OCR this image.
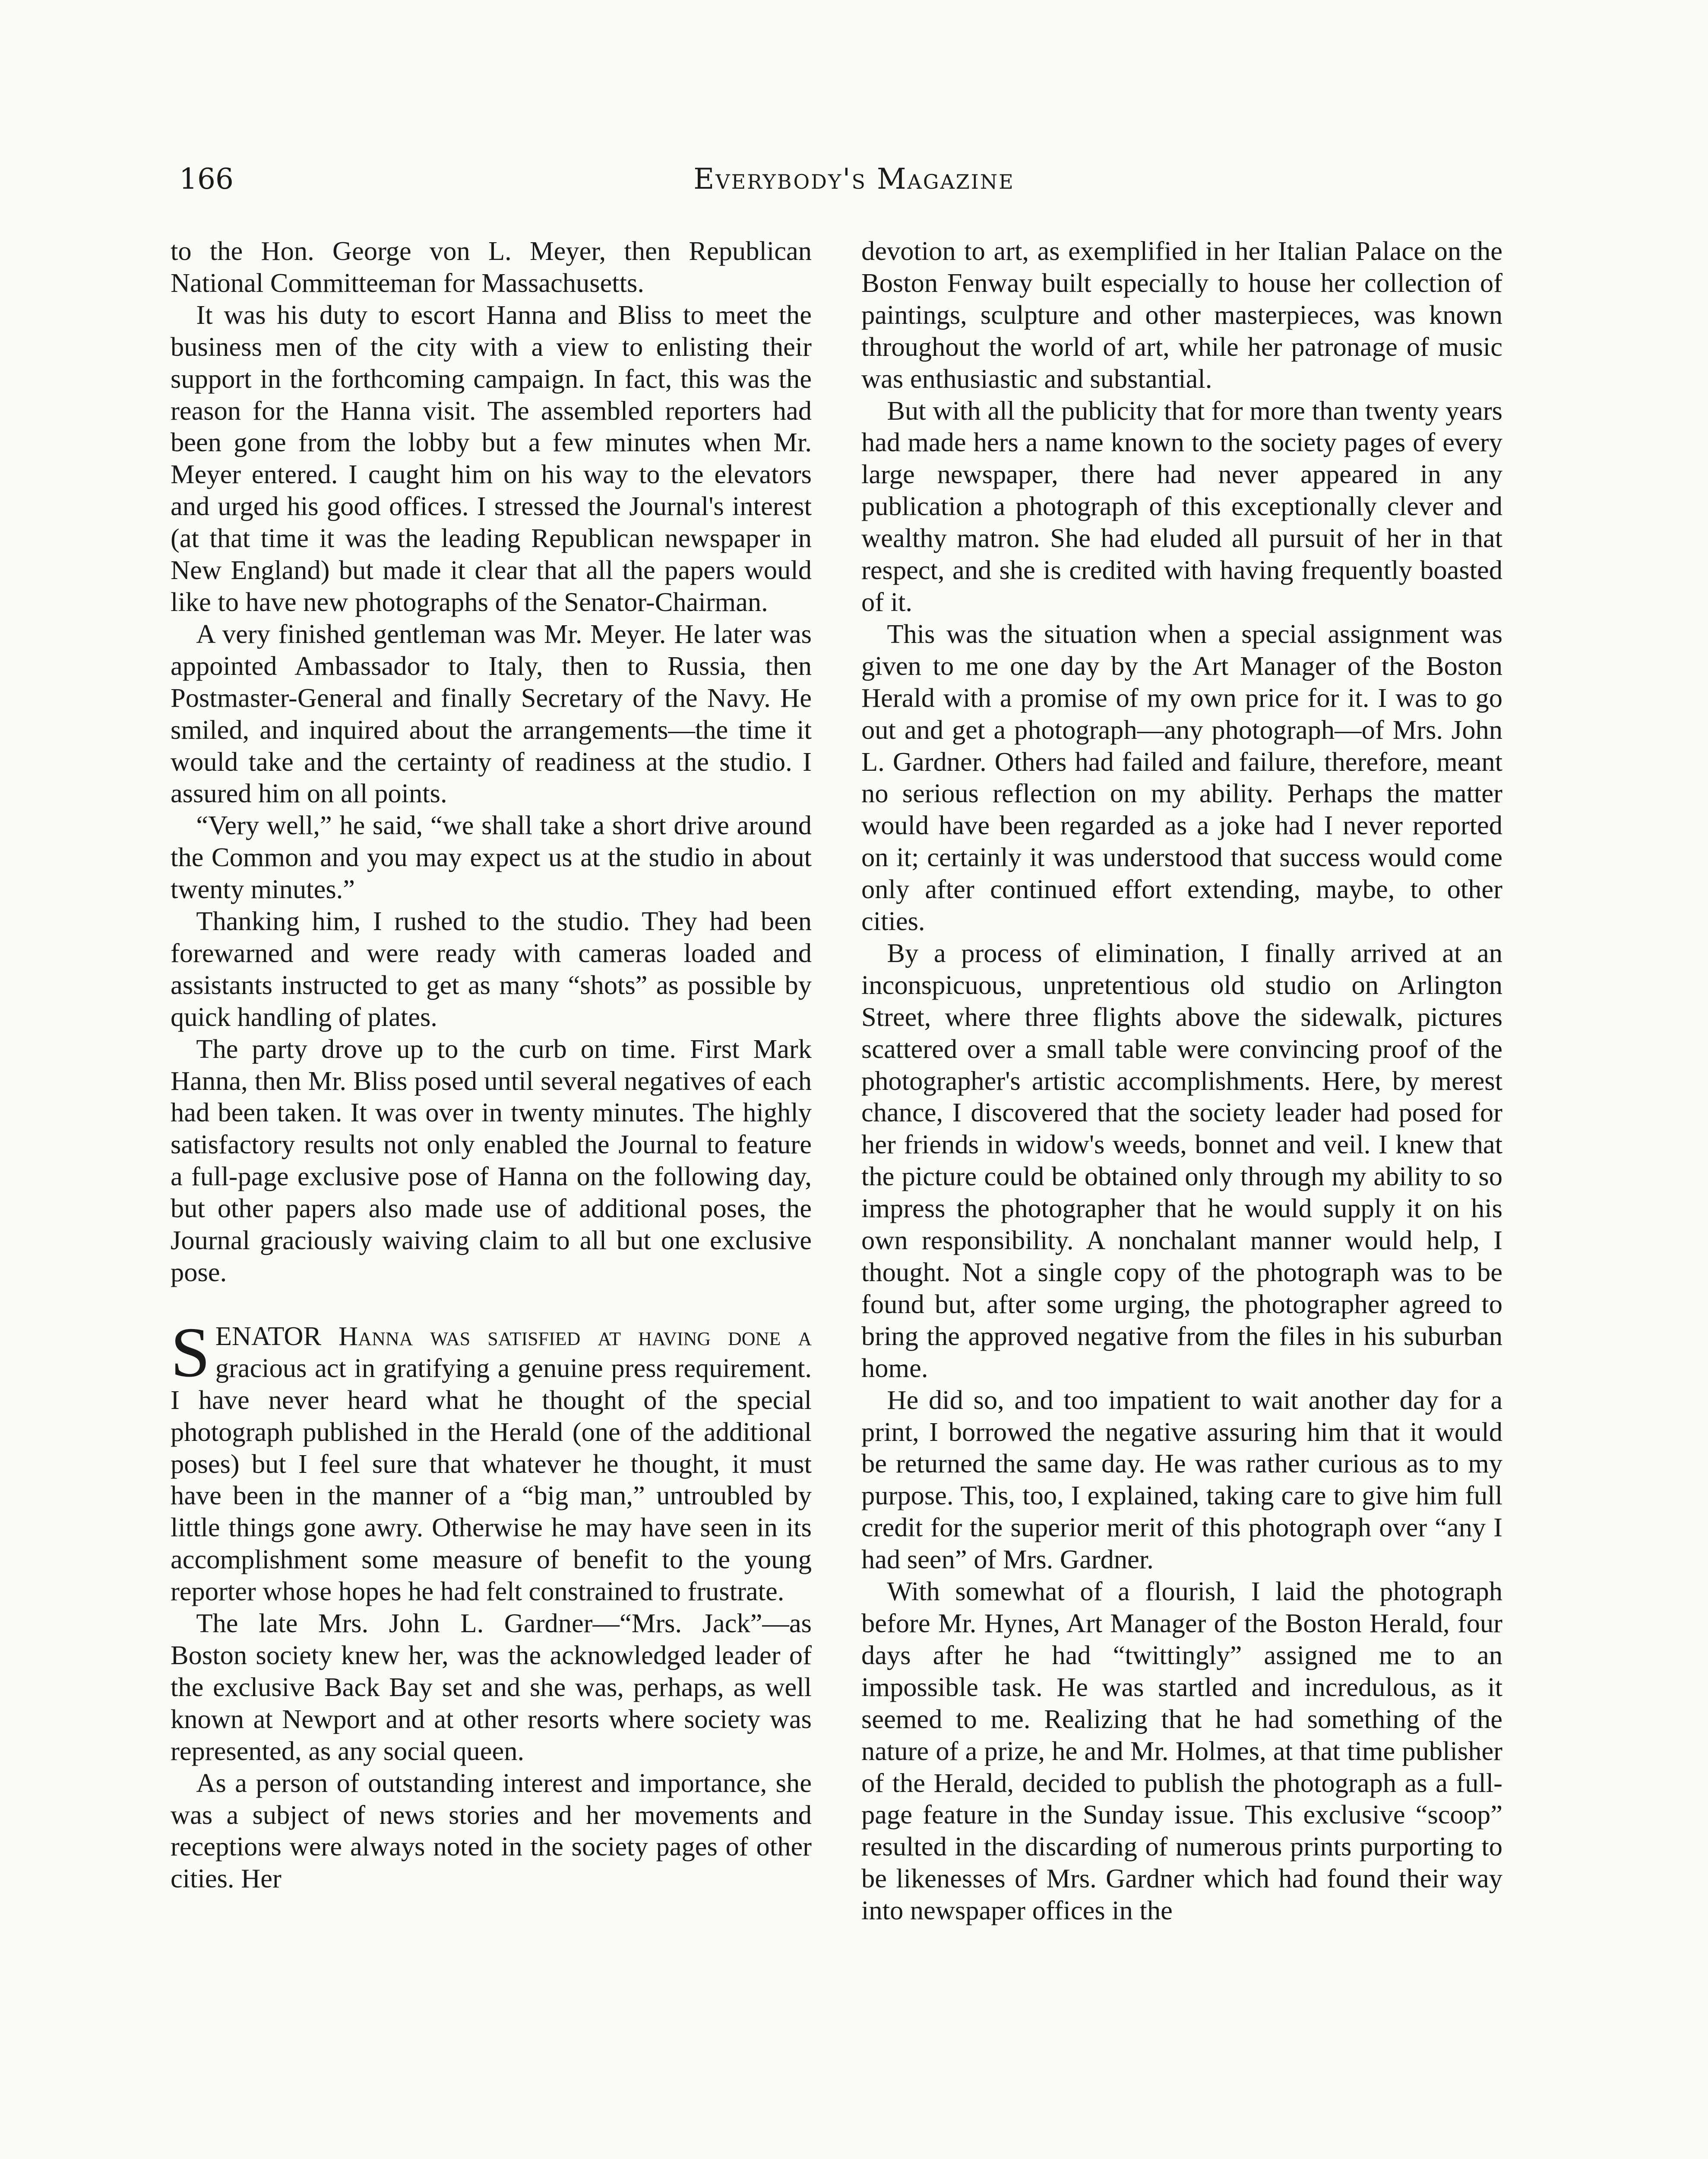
166	Everybody's Magazine

to the Hon. George von L. Meyer, then Republican National Committeeman for Massachusetts.

It was his duty to escort Hanna and Bliss to meet the business men of the city with a view to enlisting their support in the forthcoming campaign. In fact, this was the reason for the Hanna visit. The assembled reporters had been gone from the lobby but a few minutes when Mr. Meyer entered. I caught him on his way to the elevators and urged his good offices. I stressed the Journal's interest (at that time it was the leading Republican newspaper in New England) but made it clear that all the papers would like to have new photographs of the Senator-Chairman.

A very finished gentleman was Mr. Meyer. He later was appointed Ambassador to Italy, then to Russia, then Postmaster-General and finally Secretary of the Navy. He smiled, and inquired about the arrangements—the time it would take and the certainty of readiness at the studio. I assured him on all points.

“Very well,” he said, “we shall take a short drive around the Common and you may expect us at the studio in about twenty minutes.”

Thanking him, I rushed to the studio. They had been forewarned and were ready with cameras loaded and assistants instructed to get as many “shots” as possible by quick handling of plates.

The party drove up to the curb on time. First Mark Hanna, then Mr. Bliss posed until several negatives of each had been taken. It was over in twenty minutes. The highly satisfactory results not only enabled the Journal to feature a full-page exclusive pose of Hanna on the following day, but other papers also made use of additional poses, the Journal graciously waiving claim to all but one exclusive pose.

SENATOR Hanna was satisfied at having done a gracious act in gratifying a genuine press requirement. I have never heard what he thought of the special photograph published in the Herald (one of the additional poses) but I feel sure that whatever he thought, it must have been in the manner of a “big man,” untroubled by little things gone awry. Otherwise he may have seen in its accomplishment some measure of benefit to the young reporter whose hopes he had felt constrained to frustrate.

The late Mrs. John L. Gardner—“Mrs. Jack”—as Boston society knew her, was the acknowledged leader of the exclusive Back Bay set and she was, perhaps, as well known at Newport and at other resorts where society was represented, as any social queen.

As a person of outstanding interest and importance, she was a subject of news stories and her movements and receptions were always noted in the society pages of other cities. Her

devotion to art, as exemplified in her Italian Palace on the Boston Fenway built especially to house her collection of paintings, sculpture and other masterpieces, was known throughout the world of art, while her patronage of music was enthusiastic and substantial.

But with all the publicity that for more than twenty years had made hers a name known to the society pages of every large newspaper, there had never appeared in any publication a photograph of this exceptionally clever and wealthy matron. She had eluded all pursuit of her in that respect, and she is credited with having frequently boasted of it.

This was the situation when a special assignment was given to me one day by the Art Manager of the Boston Herald with a promise of my own price for it. I was to go out and get a photograph—any photograph—of Mrs. John L. Gardner. Others had failed and failure, therefore, meant no serious reflection on my ability. Perhaps the matter would have been regarded as a joke had I never reported on it; certainly it was understood that success would come only after continued effort extending, maybe, to other cities.

By a process of elimination, I finally arrived at an inconspicuous, unpretentious old studio on Arlington Street, where three flights above the sidewalk, pictures scattered over a small table were convincing proof of the photographer's artistic accomplishments. Here, by merest chance, I discovered that the society leader had posed for her friends in widow's weeds, bonnet and veil. I knew that the picture could be obtained only through my ability to so impress the photographer that he would supply it on his own responsibility. A nonchalant manner would help, I thought. Not a single copy of the photograph was to be found but, after some urging, the photographer agreed to bring the approved negative from the files in his suburban home.

He did so, and too impatient to wait another day for a print, I borrowed the negative assuring him that it would be returned the same day. He was rather curious as to my purpose. This, too, I explained, taking care to give him full credit for the superior merit of this photograph over “any I had seen” of Mrs. Gardner.

With somewhat of a flourish, I laid the photograph before Mr. Hynes, Art Manager of the Boston Herald, four days after he had “twittingly” assigned me to an impossible task. He was startled and incredulous, as it seemed to me. Realizing that he had something of the nature of a prize, he and Mr. Holmes, at that time publisher of the Herald, decided to publish the photograph as a full-page feature in the Sunday issue. This exclusive “scoop” resulted in the discarding of numerous prints purporting to be likenesses of Mrs. Gardner which had found their way into newspaper offices in the
